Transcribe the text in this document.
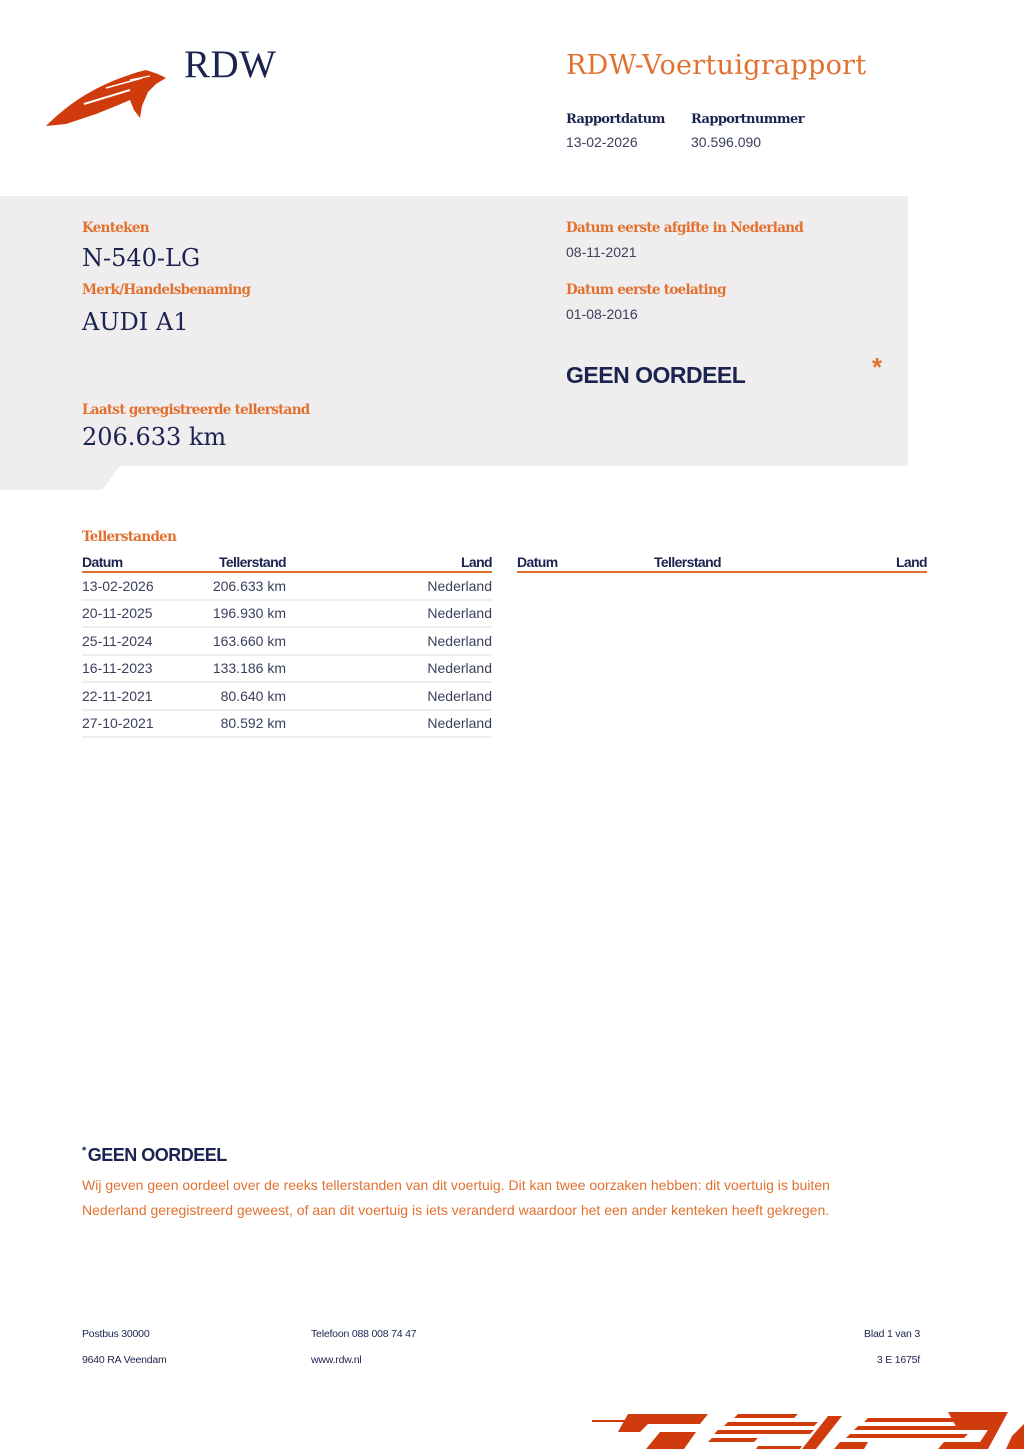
RDW	RDW-Voertuigrapport
Rapportdatum
13-02-2026
Rapportnummer
30.596.090
Kenteken
N-540-LG
Merk/Handelsbenaming
AUDI A1
Laatst geregistreerde tellerstand
206.633 km
Datum eerste afgifte in Nederland
08-11-2021
Datum eerste toelating
01-08-2016
GEEN OORDEEL	*
Tellerstanden
Datum	Tellerstand	Land
13-02-2026	206.633 km	Nederland
20-11-2025	196.930 km	Nederland
25-11-2024	163.660 km	Nederland
16-11-2023	133.186 km	Nederland
22-11-2021	80.640 km	Nederland
27-10-2021	80.592 km	Nederland
Datum	Tellerstand	Land
* GEEN OORDEEL
Wij geven geen oordeel over de reeks tellerstanden van dit voertuig. Dit kan twee oorzaken hebben: dit voertuig is buiten Nederland geregistreerd geweest, of aan dit voertuig is iets veranderd waardoor het een ander kenteken heeft gekregen.
Postbus 30000
9640 RA Veendam
Telefoon 088 008 74 47
www.rdw.nl
Blad 1 van 3
3 E 1675f
